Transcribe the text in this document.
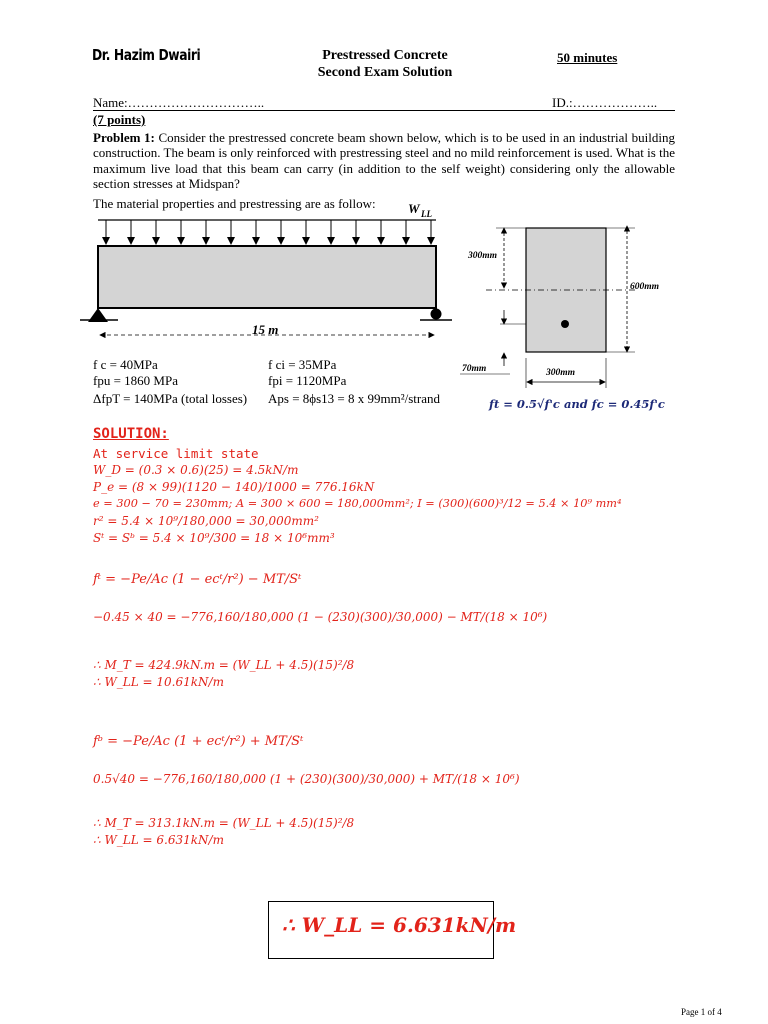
Dr. Hazim Dwairi	Prestressed Concrete
Second Exam Solution
50 minutes
Name:…………………………..	ID.:………………..
(7 points)
Problem 1: Consider the prestressed concrete beam shown below, which is to be used in an industrial building construction. The beam is only reinforced with prestressing steel and no mild reinforcement is used. What is the maximum live load that this beam can carry (in addition to the self weight) considering only the allowable section stresses at Midspan?
The material properties and prestressing are as follow: W LL
15 m
300mm
600mm
70mm	300mm
f c = 40MPa	f ci = 35MPa
fpu = 1860 MPa	fpi = 1120MPa
ΔfpT = 140MPa (total losses) Aps = 8ϕs13 = 8 x 99mm²/strand	ft = 0.5√f'c and fc = 0.45f'c
SOLUTION:
At service limit state
W_D = (0.3 × 0.6)(25) = 4.5kN/m
P_e = (8 × 99)(1120 − 140)/1000 = 776.16kN
e = 300 − 70 = 230mm; A = 300 × 600 = 180,000mm²; I = (300)(600)³/12 = 5.4 × 10⁹ mm⁴
r² = 5.4 × 10⁹/180,000 = 30,000mm²
Sᵗ = Sᵇ = 5.4 × 10⁹/300 = 18 × 10⁶mm³
fᵗ = −Pe/Ac (1 − ecᵗ/r²) − MT/Sᵗ
−0.45 × 40 = −776,160/180,000 (1 − (230)(300)/30,000) − MT/(18 × 10⁶)
∴ M_T = 424.9kN.m = (W_LL + 4.5)(15)²/8
∴ W_LL = 10.61kN/m
fᵇ = −Pe/Ac (1 + ecᵗ/r²) + MT/Sᵗ
0.5√40 = −776,160/180,000 (1 + (230)(300)/30,000) + MT/(18 × 10⁶)
∴ M_T = 313.1kN.m = (W_LL + 4.5)(15)²/8
∴ W_LL = 6.631kN/m
∴ W_LL = 6.631kN/m
Page 1 of 4
